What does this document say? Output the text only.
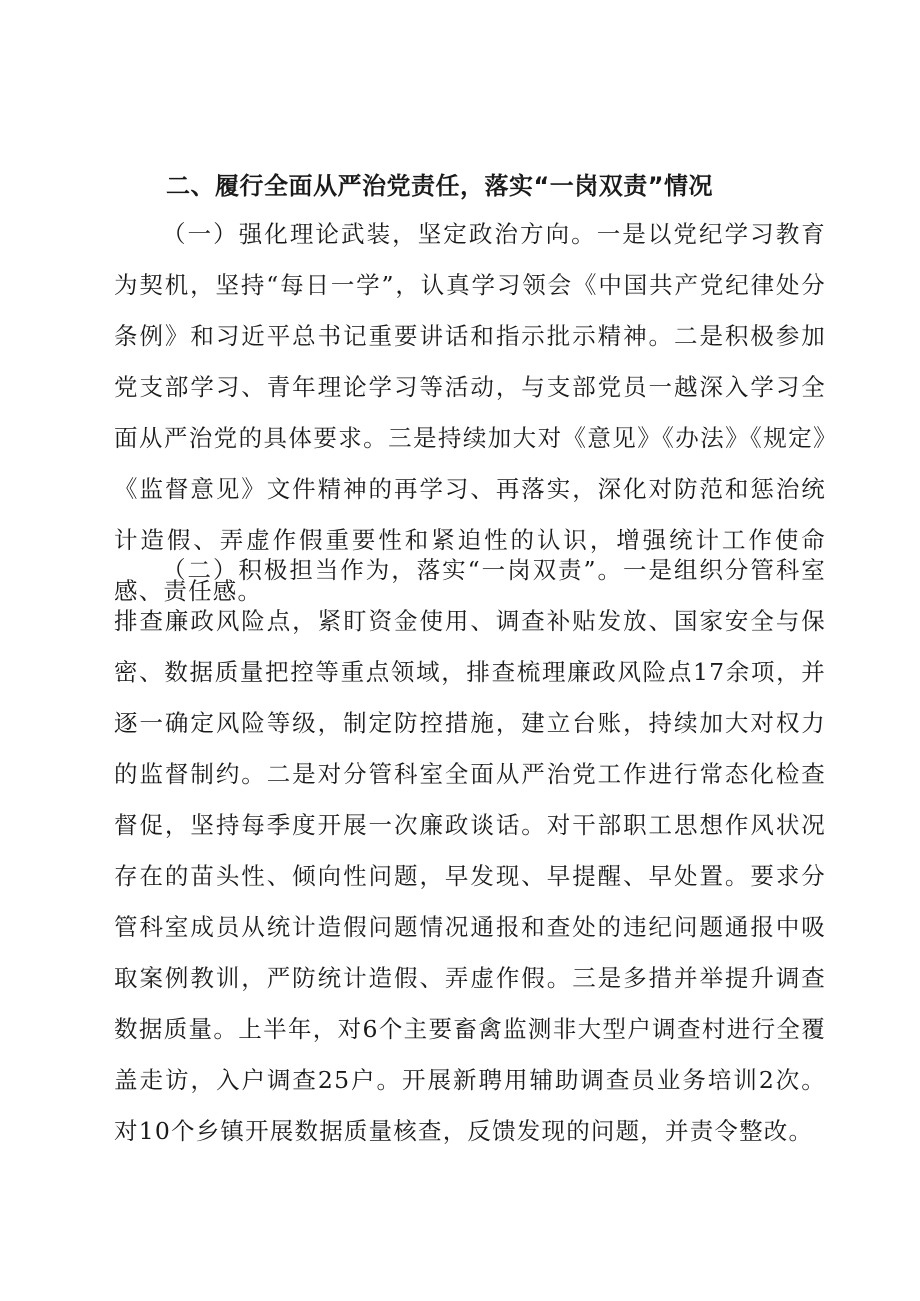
二、履行全面从严治党责任，落实“一岗双责”情况

（一）强化理论武装，坚定政治方向。一是以党纪学习教育为契机，坚持“每日一学”，认真学习领会《中国共产党纪律处分条例》和习近平总书记重要讲话和指示批示精神。二是积极参加党支部学习、青年理论学习等活动，与支部党员一越深入学习全面从严治党的具体要求。三是持续加大对《意见》《办法》《规定》《监督意见》文件精神的再学习、再落实，深化对防范和惩治统计造假、弄虚作假重要性和紧迫性的认识，增强统计工作使命感、责任感。

（二）积极担当作为，落实“一岗双责”。一是组织分管科室排查廉政风险点，紧盯资金使用、调查补贴发放、国家安全与保密、数据质量把控等重点领域，排查梳理廉政风险点17余项，并逐一确定风险等级，制定防控措施，建立台账，持续加大对权力的监督制约。二是对分管科室全面从严治党工作进行常态化检查督促，坚持每季度开展一次廉政谈话。对干部职工思想作风状况存在的苗头性、倾向性问题，早发现、早提醒、早处置。要求分管科室成员从统计造假问题情况通报和查处的违纪问题通报中吸取案例教训，严防统计造假、弄虚作假。三是多措并举提升调查数据质量。上半年，对6个主要畜禽监测非大型户调查村进行全覆盖走访，入户调查25户。开展新聘用辅助调查员业务培训2次。对10个乡镇开展数据质量核查，反馈发现的问题，并责令整改。
